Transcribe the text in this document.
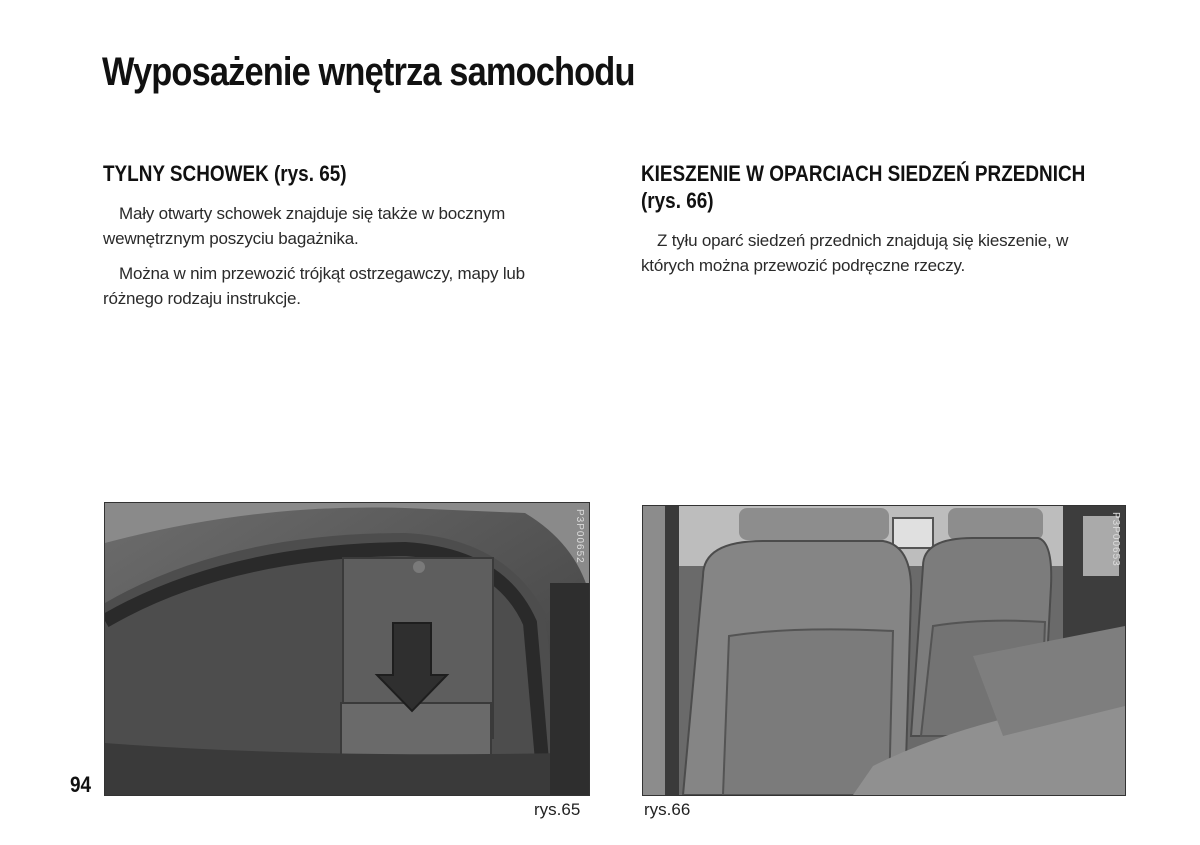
Wyposażenie wnętrza samochodu
TYLNY SCHOWEK (rys. 65)

Mały otwarty schowek znajduje się także w bocznym wewnętrznym poszyciu bagażnika.

Można w nim przewozić trójkąt ostrzegawczy, mapy lub różnego rodzaju instrukcje.

KIESZENIE W OPARCIACH SIEDZEŃ PRZEDNICH (rys. 66)

Z tyłu oparć siedzeń przednich znajdują się kieszenie, w których można przewozić podręczne rzeczy.

P3P00652
rys.65
P3P00653
rys.66
94
